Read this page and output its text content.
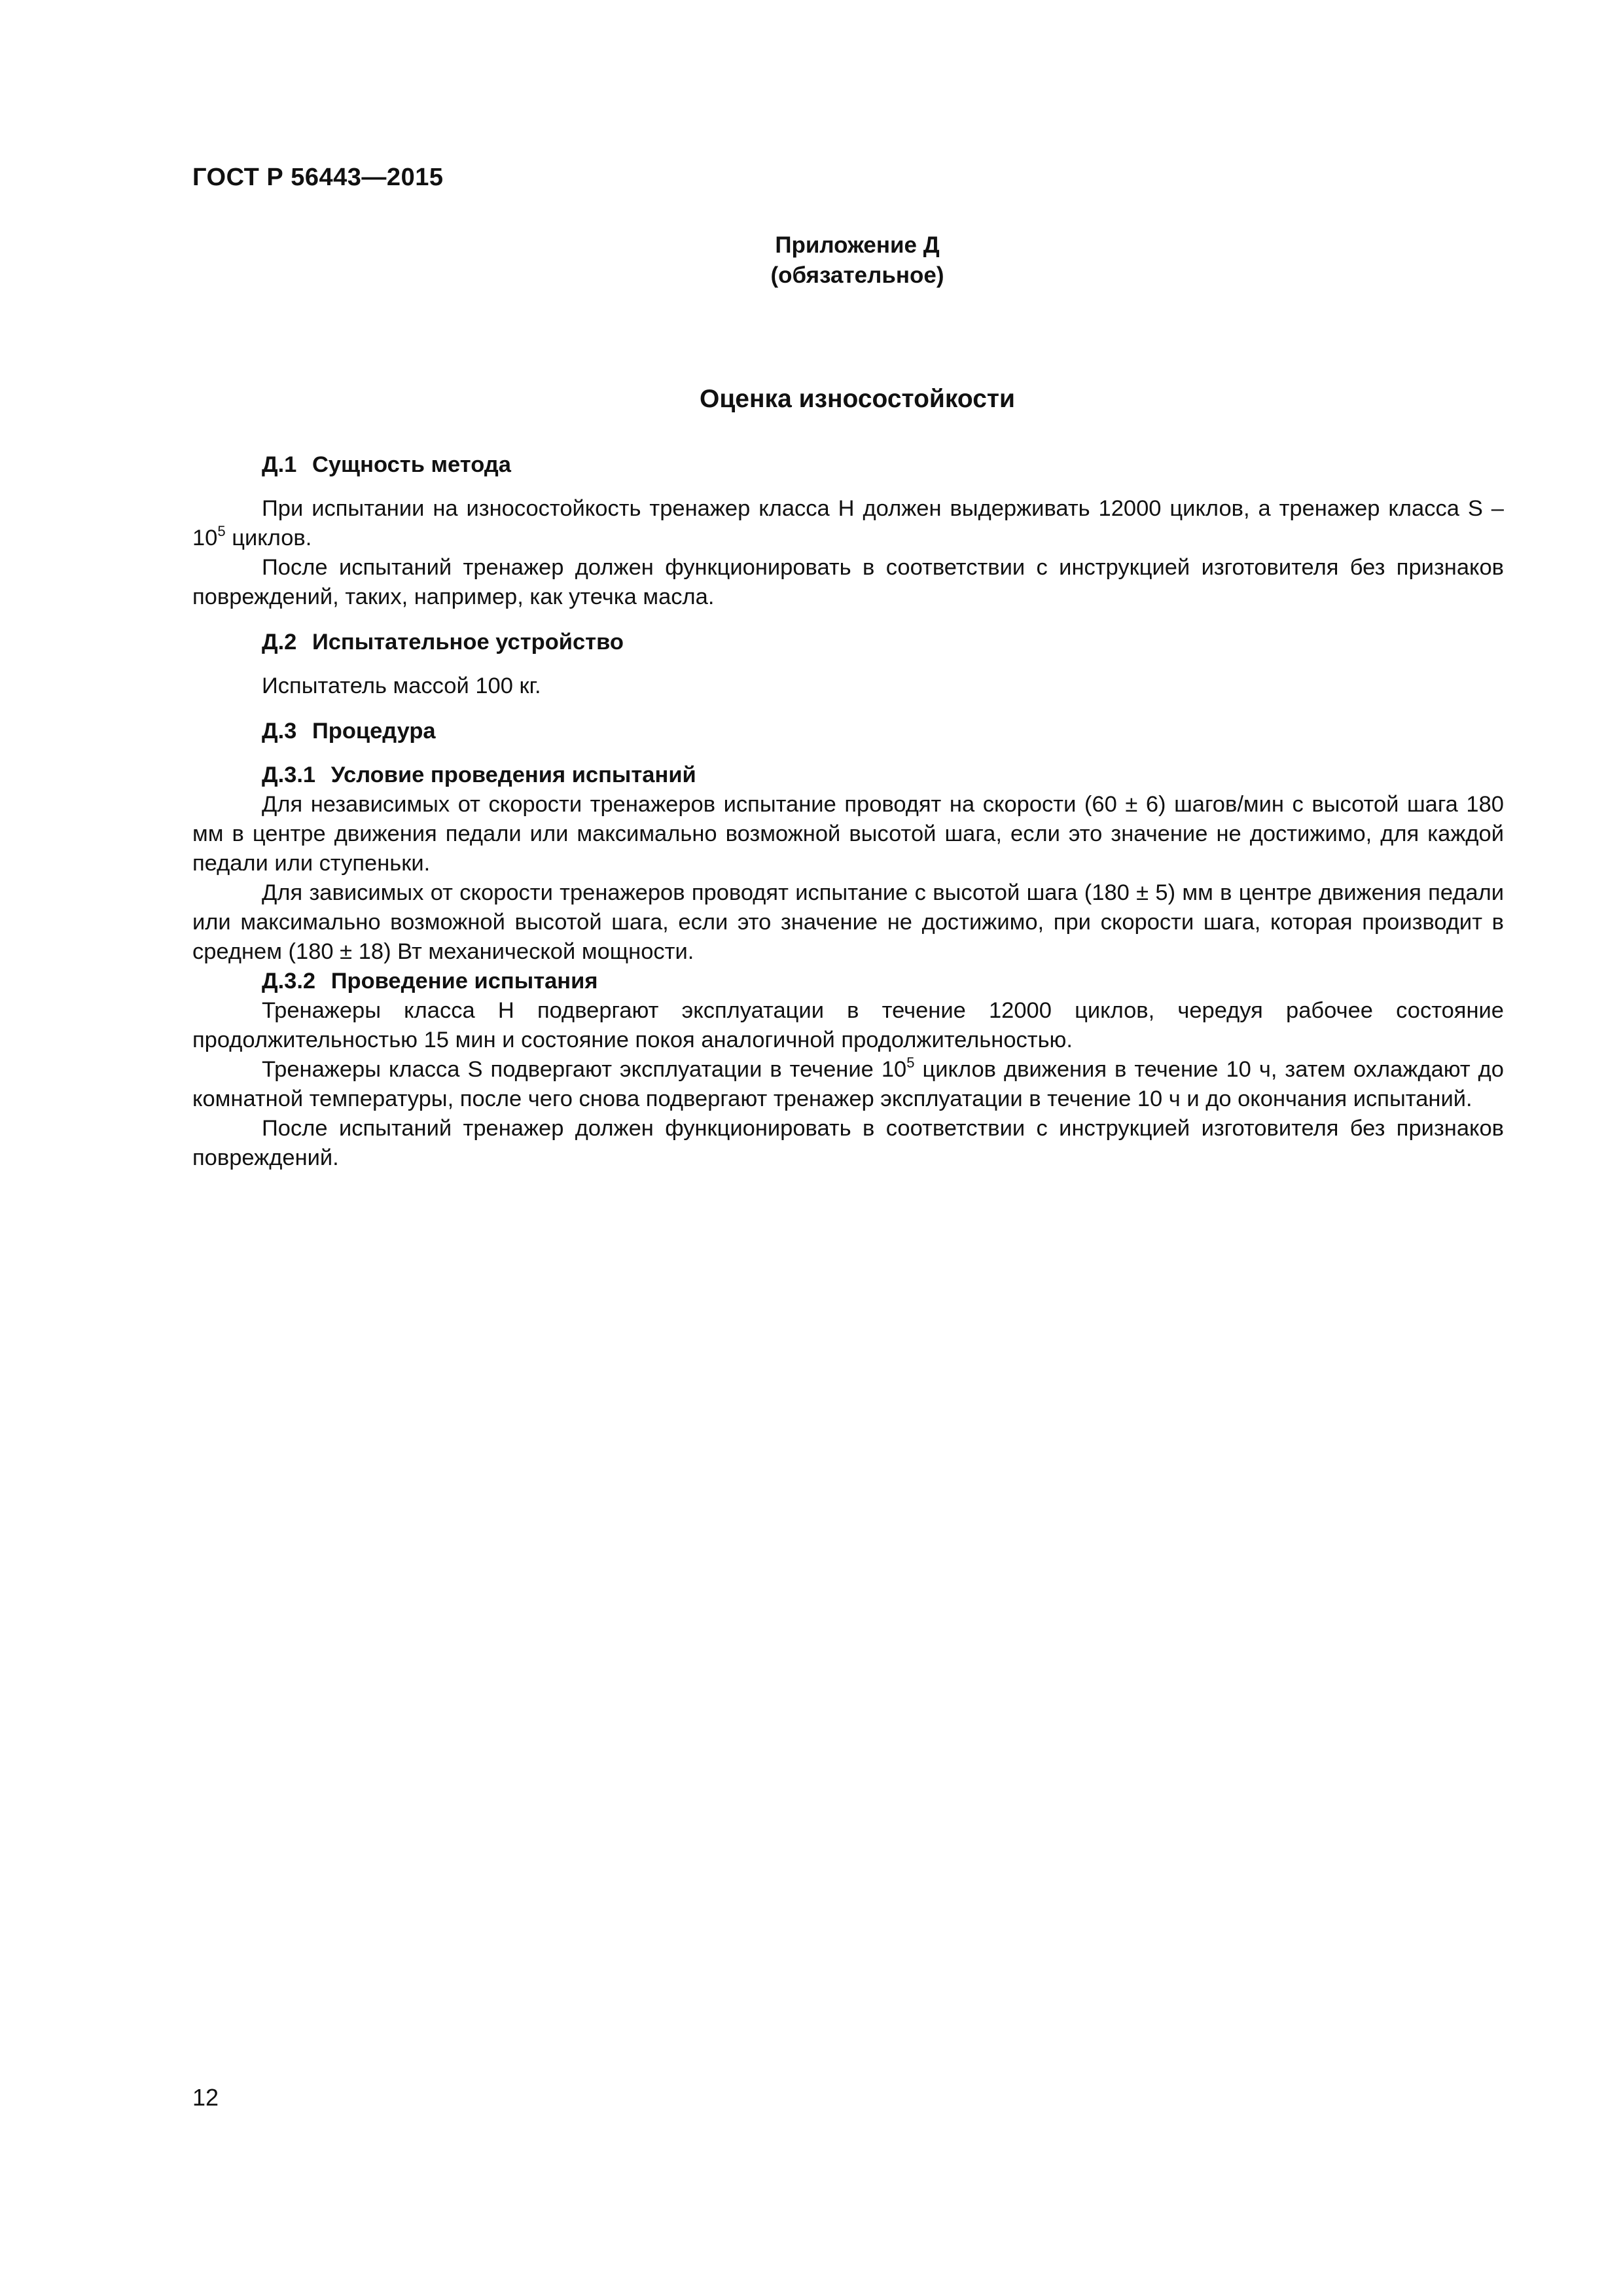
ГОСТ Р 56443—2015
Приложение Д
(обязательное)
Оценка износостойкости
Д.1 Сущность метода

При испытании на износостойкость тренажер класса Н должен выдерживать 12000 циклов, а тренажер класса S – $10^5$ циклов.

После испытаний тренажер должен функционировать в соответствии с инструкцией изготовителя без признаков повреждений, таких, например, как утечка масла.

Д.2 Испытательное устройство

Испытатель массой 100 кг.

Д.3 Процедура
Д.3.1 Условие проведения испытаний

Для независимых от скорости тренажеров испытание проводят на скорости (60 ± 6) шагов/мин с высотой шага 180 мм в центре движения педали или максимально возможной высотой шага, если это значение не достижимо, для каждой педали или ступеньки.

Для зависимых от скорости тренажеров проводят испытание с высотой шага (180 ± 5) мм в центре движения педали или максимально возможной высотой шага, если это значение не достижимо, при скорости шага, которая производит в среднем (180 ± 18) Вт механической мощности.

Д.3.2 Проведение испытания

Тренажеры класса Н подвергают эксплуатации в течение 12000 циклов, чередуя рабочее состояние продолжительностью 15 мин и состояние покоя аналогичной продолжительностью.

Тренажеры класса S подвергают эксплуатации в течение $10^5$ циклов движения в течение 10 ч, затем охлаждают до комнатной температуры, после чего снова подвергают тренажер эксплуатации в течение 10 ч и до окончания испытаний.

После испытаний тренажер должен функционировать в соответствии с инструкцией изготовителя без признаков повреждений.

12
